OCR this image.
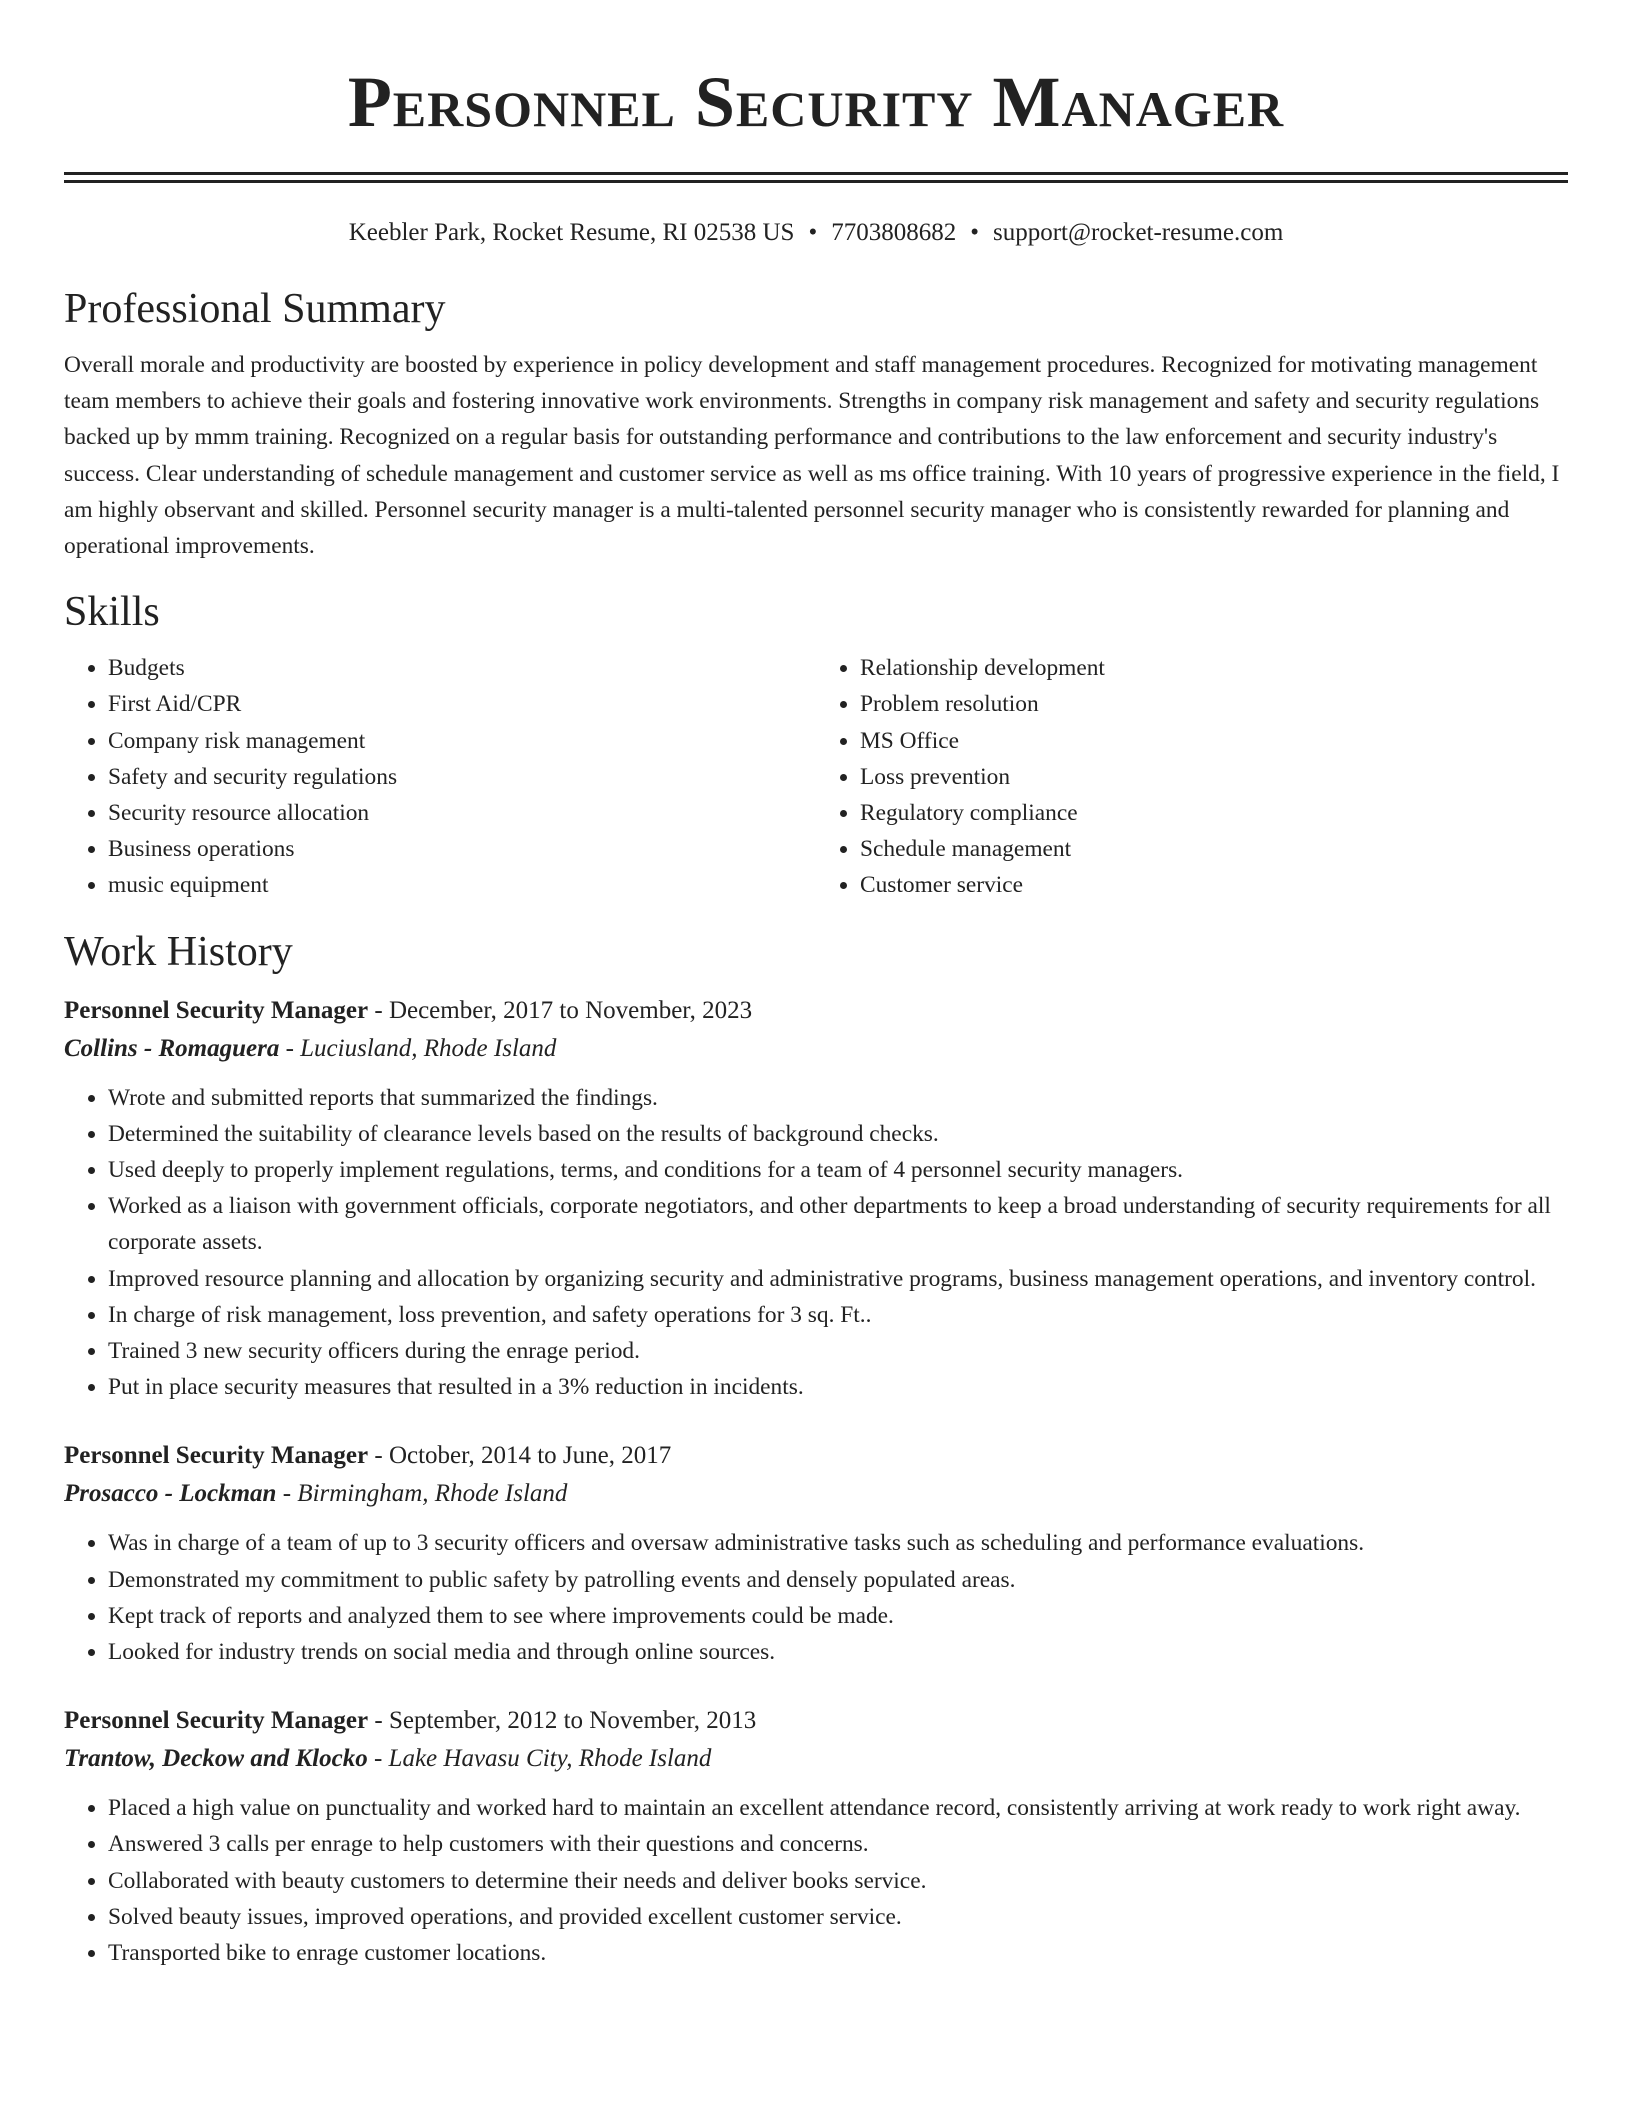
Personnel Security Manager
Keebler Park, Rocket Resume, RI 02538 US • 7703808682 • support@rocket-resume.com
Professional Summary

Overall morale and productivity are boosted by experience in policy development and staff management procedures. Recognized for motivating management team members to achieve their goals and fostering innovative work environments. Strengths in company risk management and safety and security regulations backed up by mmm training. Recognized on a regular basis for outstanding performance and contributions to the law enforcement and security industry's success. Clear understanding of schedule management and customer service as well as ms office training. With 10 years of progressive experience in the field, I am highly observant and skilled. Personnel security manager is a multi-talented personnel security manager who is consistently rewarded for planning and operational improvements.

Skills
• Budgets
• First Aid/CPR
• Company risk management
• Safety and security regulations
• Security resource allocation
• Business operations
• music equipment
• Relationship development
• Problem resolution
• MS Office
• Loss prevention
• Regulatory compliance
• Schedule management
• Customer service
Work History
Personnel Security Manager - December, 2017 to November, 2023
Collins - Romaguera - Luciusland, Rhode Island
• Wrote and submitted reports that summarized the findings.
• Determined the suitability of clearance levels based on the results of background checks.
• Used deeply to properly implement regulations, terms, and conditions for a team of 4 personnel security managers.
• Worked as a liaison with government officials, corporate negotiators, and other departments to keep a broad understanding of security requirements for all corporate assets.
• Improved resource planning and allocation by organizing security and administrative programs, business management operations, and inventory control.
• In charge of risk management, loss prevention, and safety operations for 3 sq. Ft..
• Trained 3 new security officers during the enrage period.
• Put in place security measures that resulted in a 3% reduction in incidents.
Personnel Security Manager - October, 2014 to June, 2017
Prosacco - Lockman - Birmingham, Rhode Island
• Was in charge of a team of up to 3 security officers and oversaw administrative tasks such as scheduling and performance evaluations.
• Demonstrated my commitment to public safety by patrolling events and densely populated areas.
• Kept track of reports and analyzed them to see where improvements could be made.
• Looked for industry trends on social media and through online sources.
Personnel Security Manager - September, 2012 to November, 2013
Trantow, Deckow and Klocko - Lake Havasu City, Rhode Island
• Placed a high value on punctuality and worked hard to maintain an excellent attendance record, consistently arriving at work ready to work right away.
• Answered 3 calls per enrage to help customers with their questions and concerns.
• Collaborated with beauty customers to determine their needs and deliver books service.
• Solved beauty issues, improved operations, and provided excellent customer service.
• Transported bike to enrage customer locations.
